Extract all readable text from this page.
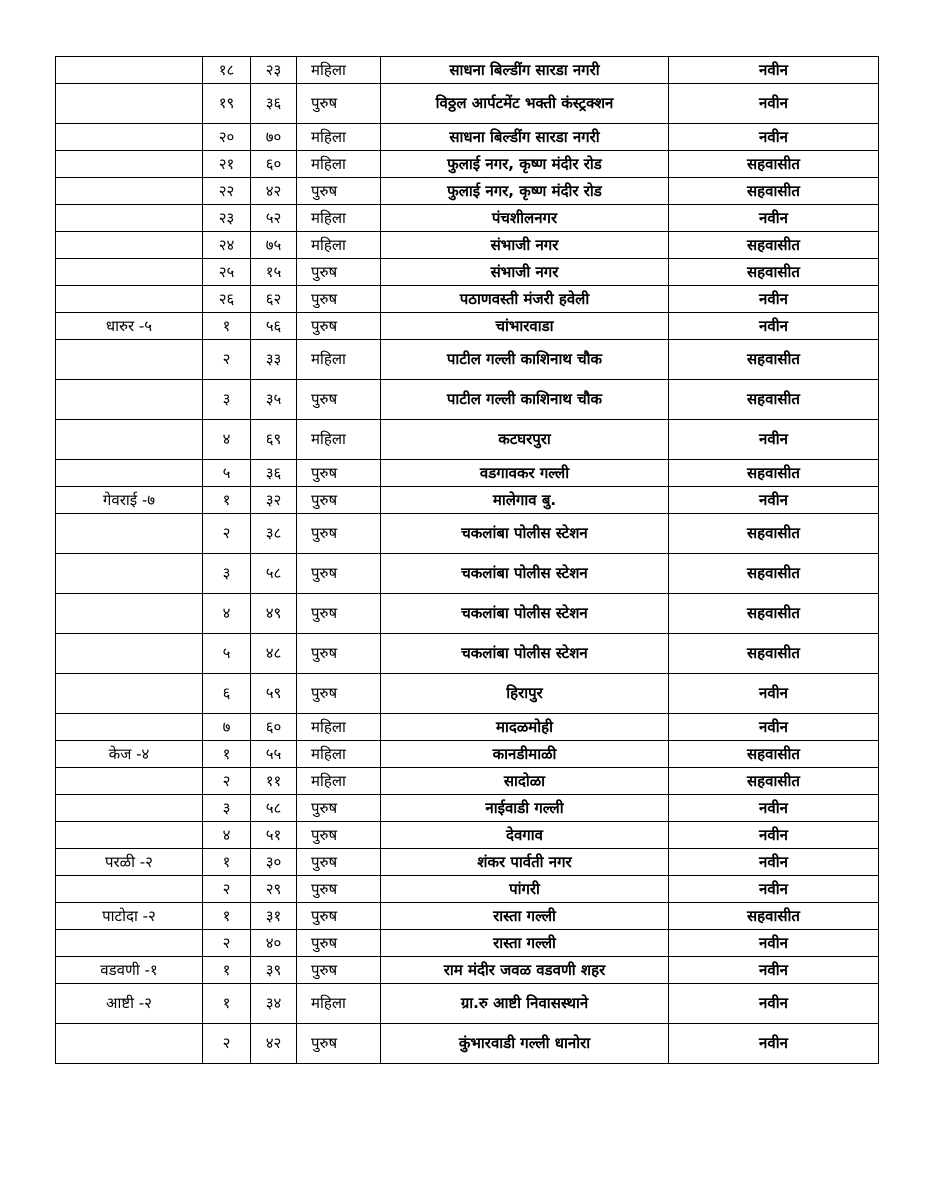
	१८	२३	महिला	साधना बिल्डींग सारडा नगरी	नवीन
	१९	३६	पुरुष	विठ्ठल आर्पटमेंट भक्ती कंस्ट्रक्शन	नवीन
	२०	७०	महिला	साधना बिल्डींग सारडा नगरी	नवीन
	२१	६०	महिला	फुलाई नगर, कृष्ण मंदीर रोड	सहवासीत
	२२	४२	पुरुष	फुलाई नगर, कृष्ण मंदीर रोड	सहवासीत
	२३	५२	महिला	पंचशीलनगर	नवीन
	२४	७५	महिला	संभाजी नगर	सहवासीत
	२५	१५	पुरुष	संभाजी नगर	सहवासीत
	२६	६२	पुरुष	पठाणवस्ती मंजरी हवेली	नवीन
धारुर -५	१	५६	पुरुष	चांभारवाडा	नवीन
	२	३३	महिला	पाटील गल्ली काशिनाथ चौक	सहवासीत
	३	३५	पुरुष	पाटील गल्ली काशिनाथ चौक	सहवासीत
	४	६९	महिला	कटघरपुरा	नवीन
	५	३६	पुरुष	वडगावकर गल्ली	सहवासीत
गेवराई -७	१	३२	पुरुष	मालेगाव बु.	नवीन
	२	३८	पुरुष	चकलांबा पोलीस स्टेशन	सहवासीत
	३	५८	पुरुष	चकलांबा पोलीस स्टेशन	सहवासीत
	४	४९	पुरुष	चकलांबा पोलीस स्टेशन	सहवासीत
	५	४८	पुरुष	चकलांबा पोलीस स्टेशन	सहवासीत
	६	५९	पुरुष	हिरापुर	नवीन
	७	६०	महिला	मादळमोही	नवीन
केज -४	१	५५	महिला	कानडीमाळी	सहवासीत
	२	११	महिला	सादोळा	सहवासीत
	३	५८	पुरुष	नाईवाडी गल्ली	नवीन
	४	५१	पुरुष	देवगाव	नवीन
परळी -२	१	३०	पुरुष	शंकर पार्वती नगर	नवीन
	२	२९	पुरुष	पांगरी	नवीन
पाटोदा -२	१	३१	पुरुष	रास्ता गल्ली	सहवासीत
	२	४०	पुरुष	रास्ता गल्ली	नवीन
वडवणी -१	१	३९	पुरुष	राम मंदीर जवळ वडवणी शहर	नवीन
आष्टी -२	१	३४	महिला	ग्रा.रु आष्टी निवासस्थाने	नवीन
	२	४२	पुरुष	कुंभारवाडी गल्ली धानोरा	नवीन
